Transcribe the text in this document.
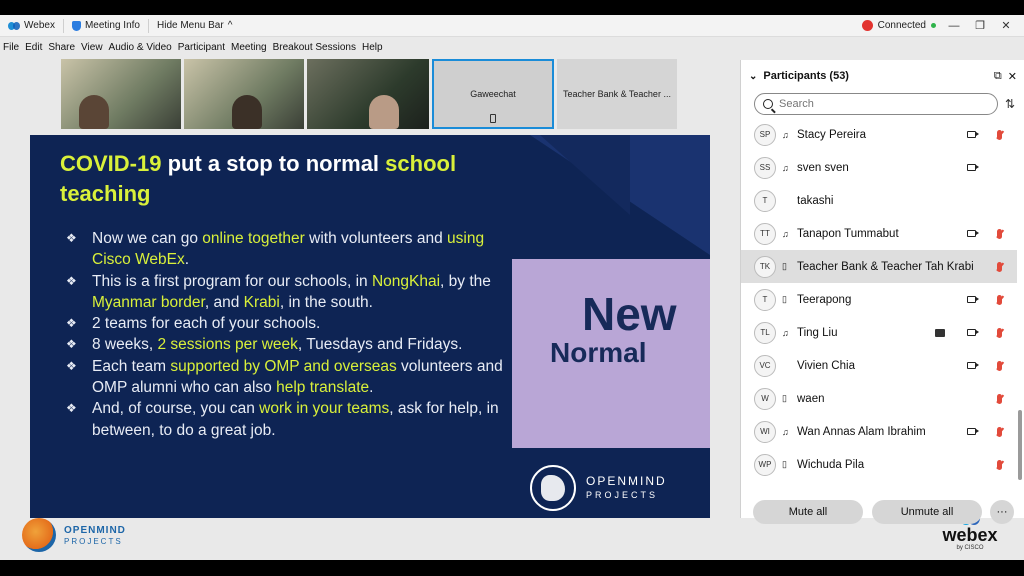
Webex	Meeting Info Hide Menu Bar ^	Connected — ❐	✕
File Edit Share View Audio & Video Participant Meeting Breakout Sessions Help
Gaweechat	Teacher Bank & Teacher ...
COVID-19 put a stop to normal school
teaching
❖ Now we can go online together with volunteers and using Cisco WebEx.
❖ This is a first program for our schools, in NongKhai, by the Myanmar border, and Krabi, in the south.
❖ 2 teams for each of your schools.
❖ 8 weeks, 2 sessions per week, Tuesdays and Fridays.
❖ Each team supported by OMP and overseas volunteers and OMP alumni who can also help translate.
❖ And, of course, you can work in your teams, ask for help, in between, to do a great job.
New
Normal
OPENMIND
PROJECTS
OPENMIND
PROJECTS	webex
by CISCO
⌄ Participants (53)	⧉ ✕
Search
⇅
SP	♫ Stacy Pereira
SS	♫ sven sven
T	takashi
TT	♫ Tanapon Tummabut
TK	▯ Teacher Bank & Teacher Tah Krabi
T	▯ Teerapong
TL	♫ Ting Liu
VC	Vivien Chia
W	▯ waen
WI	♫ Wan Annas Alam Ibrahim
WP	▯ Wichuda Pila
Mute all	Unmute all	···
